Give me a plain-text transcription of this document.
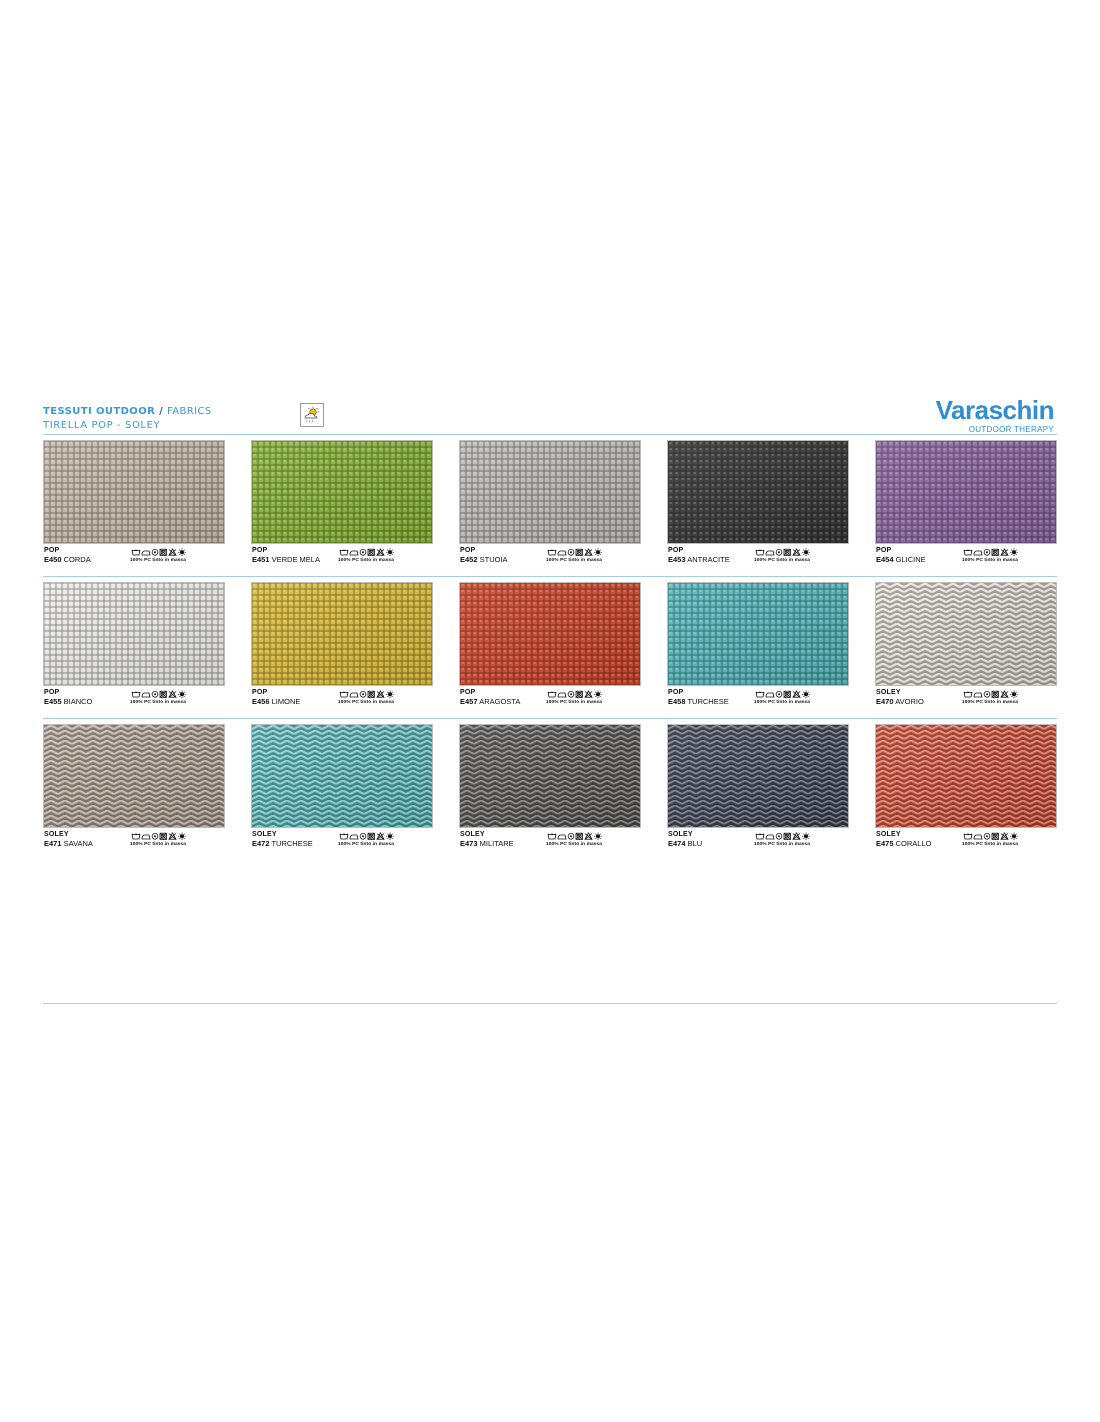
TESSUTI OUTDOOR / FABRICS
TIRELLA POP - SOLEY
Varaschin
OUTDOOR THERAPY
POP
E450 CORDA	100% PC tinto in massa
POP
E451 VERDE MELA	100% PC tinto in massa
POP
E452 STUOIA	100% PC tinto in massa
POP
E453 ANTRACITE	100% PC tinto in massa
POP
E454 GLICINE	100% PC tinto in massa
POP
E455 BIANCO	100% PC tinto in massa
POP
E456 LIMONE	100% PC tinto in massa
POP
E457 ARAGOSTA	100% PC tinto in massa
POP
E458 TURCHESE	100% PC tinto in massa
SOLEY
E470 AVORIO	100% PC tinto in massa
SOLEY
E471 SAVANA	100% PC tinto in massa
SOLEY
E472 TURCHESE	100% PC tinto in massa
SOLEY
E473 MILITARE	100% PC tinto in massa
SOLEY
E474 BLU	100% PC tinto in massa
SOLEY
E475 CORALLO	100% PC tinto in massa
